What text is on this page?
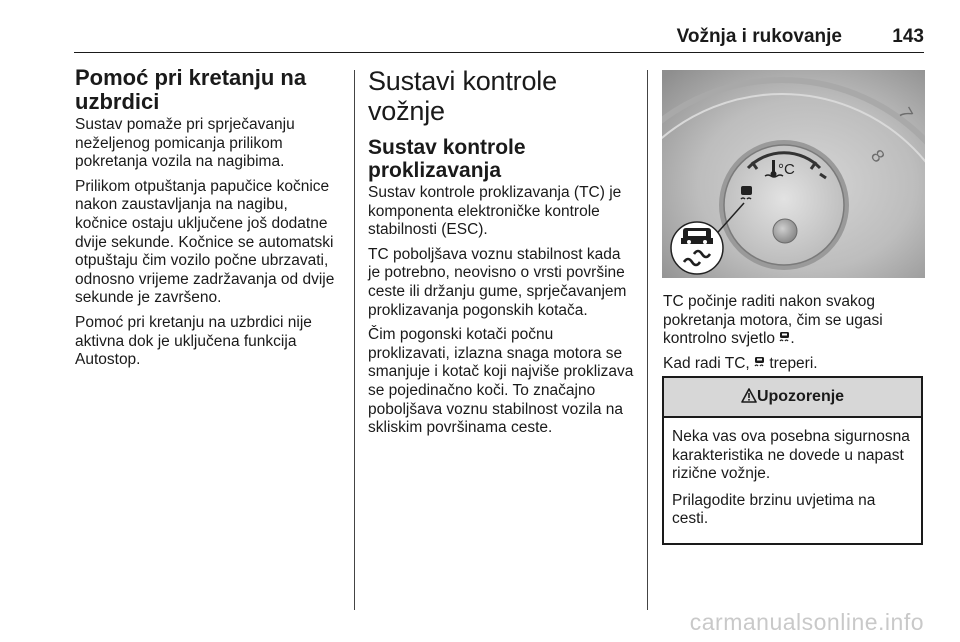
Vožnja i rukovanje	143
Pomoć pri kretanju na uzbrdici

Sustav pomaže pri sprječavanju neželjenog pomicanja prilikom pokretanja vozila na nagibima.

Prilikom otpuštanja papučice kočnice nakon zaustavljanja na nagibu, kočnice ostaju uključene još dodatne dvije sekunde. Kočnice se automatski otpuštaju čim vozilo počne ubrzavati, odnosno vrijeme zadržavanja od dvije sekunde je završeno.

Pomoć pri kretanju na uzbrdici nije aktivna dok je uključena funkcija Autostop.

Sustavi kontrole vožnje
Sustav kontrole proklizavanja

Sustav kontrole proklizavanja (TC) je komponenta elektroničke kontrole stabilnosti (ESC).

TC poboljšava voznu stabilnost kada je potrebno, neovisno o vrsti površine ceste ili držanju gume, sprječavanjem proklizavanja pogonskih kotača.

Čim pogonski kotači počnu proklizavati, izlazna snaga motora se smanjuje i kotač koji najviše proklizava se pojedinačno koči. To značajno poboljšava voznu stabilnost vozila na skliskim površinama ceste.

7
8
°C

TC počinje raditi nakon svakog pokretanja motora, čim se ugasi kontrolno svjetlo .

Kad radi TC,  treperi.

Upozorenje

Neka vas ova posebna sigurnosna karakteristika ne dovede u napast rizične vožnje.

Prilagodite brzinu uvjetima na cesti.

carmanualsonline.info
